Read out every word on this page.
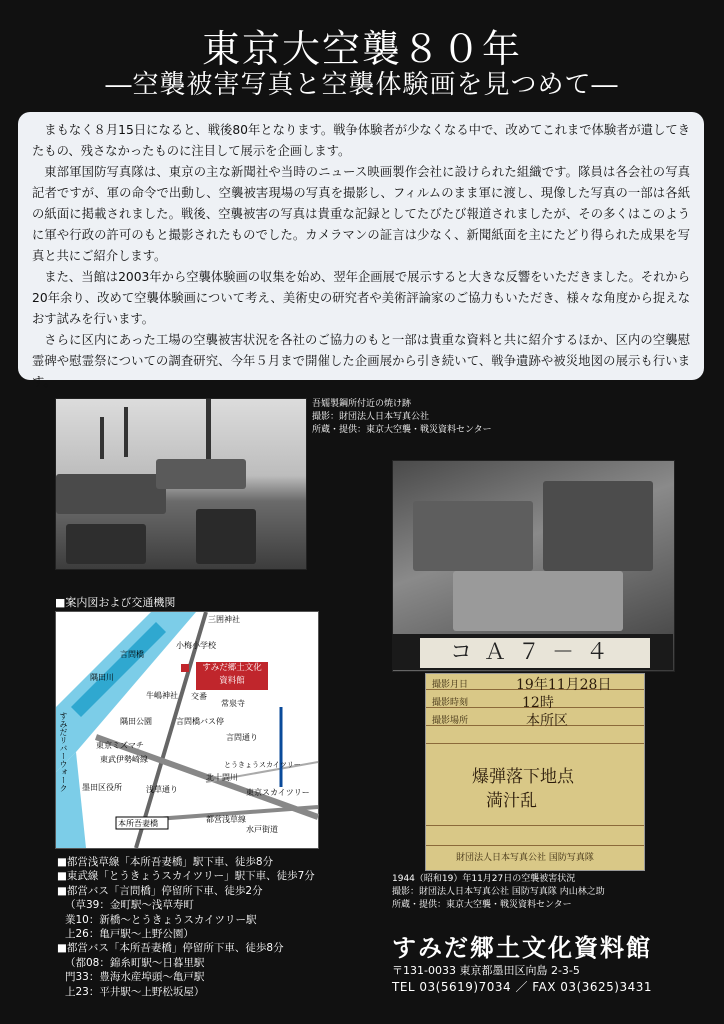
東京大空襲８０年
―空襲被害写真と空襲体験画を見つめて―

まもなく８月15日になると、戦後80年となります。戦争体験者が少なくなる中で、改めてこれまで体験者が遺してきたもの、残さなかったものに注目して展示を企画します。

東部軍国防写真隊は、東京の主な新聞社や当時のニュース映画製作会社に設けられた組織です。隊員は各会社の写真記者ですが、軍の命令で出動し、空襲被害現場の写真を撮影し、フィルムのまま軍に渡し、現像した写真の一部は各紙の紙面に掲載されました。戦後、空襲被害の写真は貴重な記録としてたびたび報道されましたが、その多くはこのように軍や行政の許可のもと撮影されたものでした。カメラマンの証言は少なく、新聞紙面を主にたどり得られた成果を写真と共にご紹介します。

また、当館は2003年から空襲体験画の収集を始め、翌年企画展で展示すると大きな反響をいただきました。それから20年余り、改めて空襲体験画について考え、美術史の研究者や美術評論家のご協力もいただき、様々な角度から捉えなおす試みを行います。

さらに区内にあった工場の空襲被害状況を各社のご協力のもと一部は貴重な資料と共に紹介するほか、区内の空襲慰霊碑や慰霊祭についての調査研究、今年５月まで開催した企画展から引き続いて、戦争遺跡や被災地図の展示も行います。

吾嬬製鋼所付近の焼け跡
撮影：財団法人日本写真公社
所蔵・提供：東京大空襲・戦災資料センター
コＡ７－４
撮影月日	19年11月28日
撮影時刻	12時
撮影場所	本所区
爆弾落下地点
満汁乱
財団法人日本写真公社 国防写真隊
1944（昭和19）年11月27日の空襲被害状況
撮影：財団法人日本写真公社 国防写真隊 内山林之助
所蔵・提供：東京大空襲・戦災資料センター
■案内図および交通機関
すみだ郷土文化
資料館
隅田川
言問橋
牛嶋神社
三囲神社
小梅小学校
交番
常泉寺
言問橋バス停
言問通り
隅田公園
東京ミズマチ
東武伊勢崎線
浅草通り
北十間川
とうきょうスカイツリー
東京スカイツリー
本所吾妻橋	都営浅草線
墨田区役所
すみだリバーウォーク
水戸街道
■都営浅草線「本所吾妻橋」駅下車、徒歩8分
■東武線「とうきょうスカイツリー」駅下車、徒歩7分
■都営バス「言問橋」停留所下車、徒歩2分
（草39：金町駅～浅草寿町
業10：新橋～とうきょうスカイツリー駅
上26：亀戸駅～上野公園）
■都営バス「本所吾妻橋」停留所下車、徒歩8分
（都08：錦糸町駅～日暮里駅
門33：豊海水産埠頭～亀戸駅
上23：平井駅～上野松坂屋）
すみだ郷土文化資料館
〒131-0033 東京都墨田区向島 2-3-5
TEL 03(5619)7034 ／ FAX 03(3625)3431
